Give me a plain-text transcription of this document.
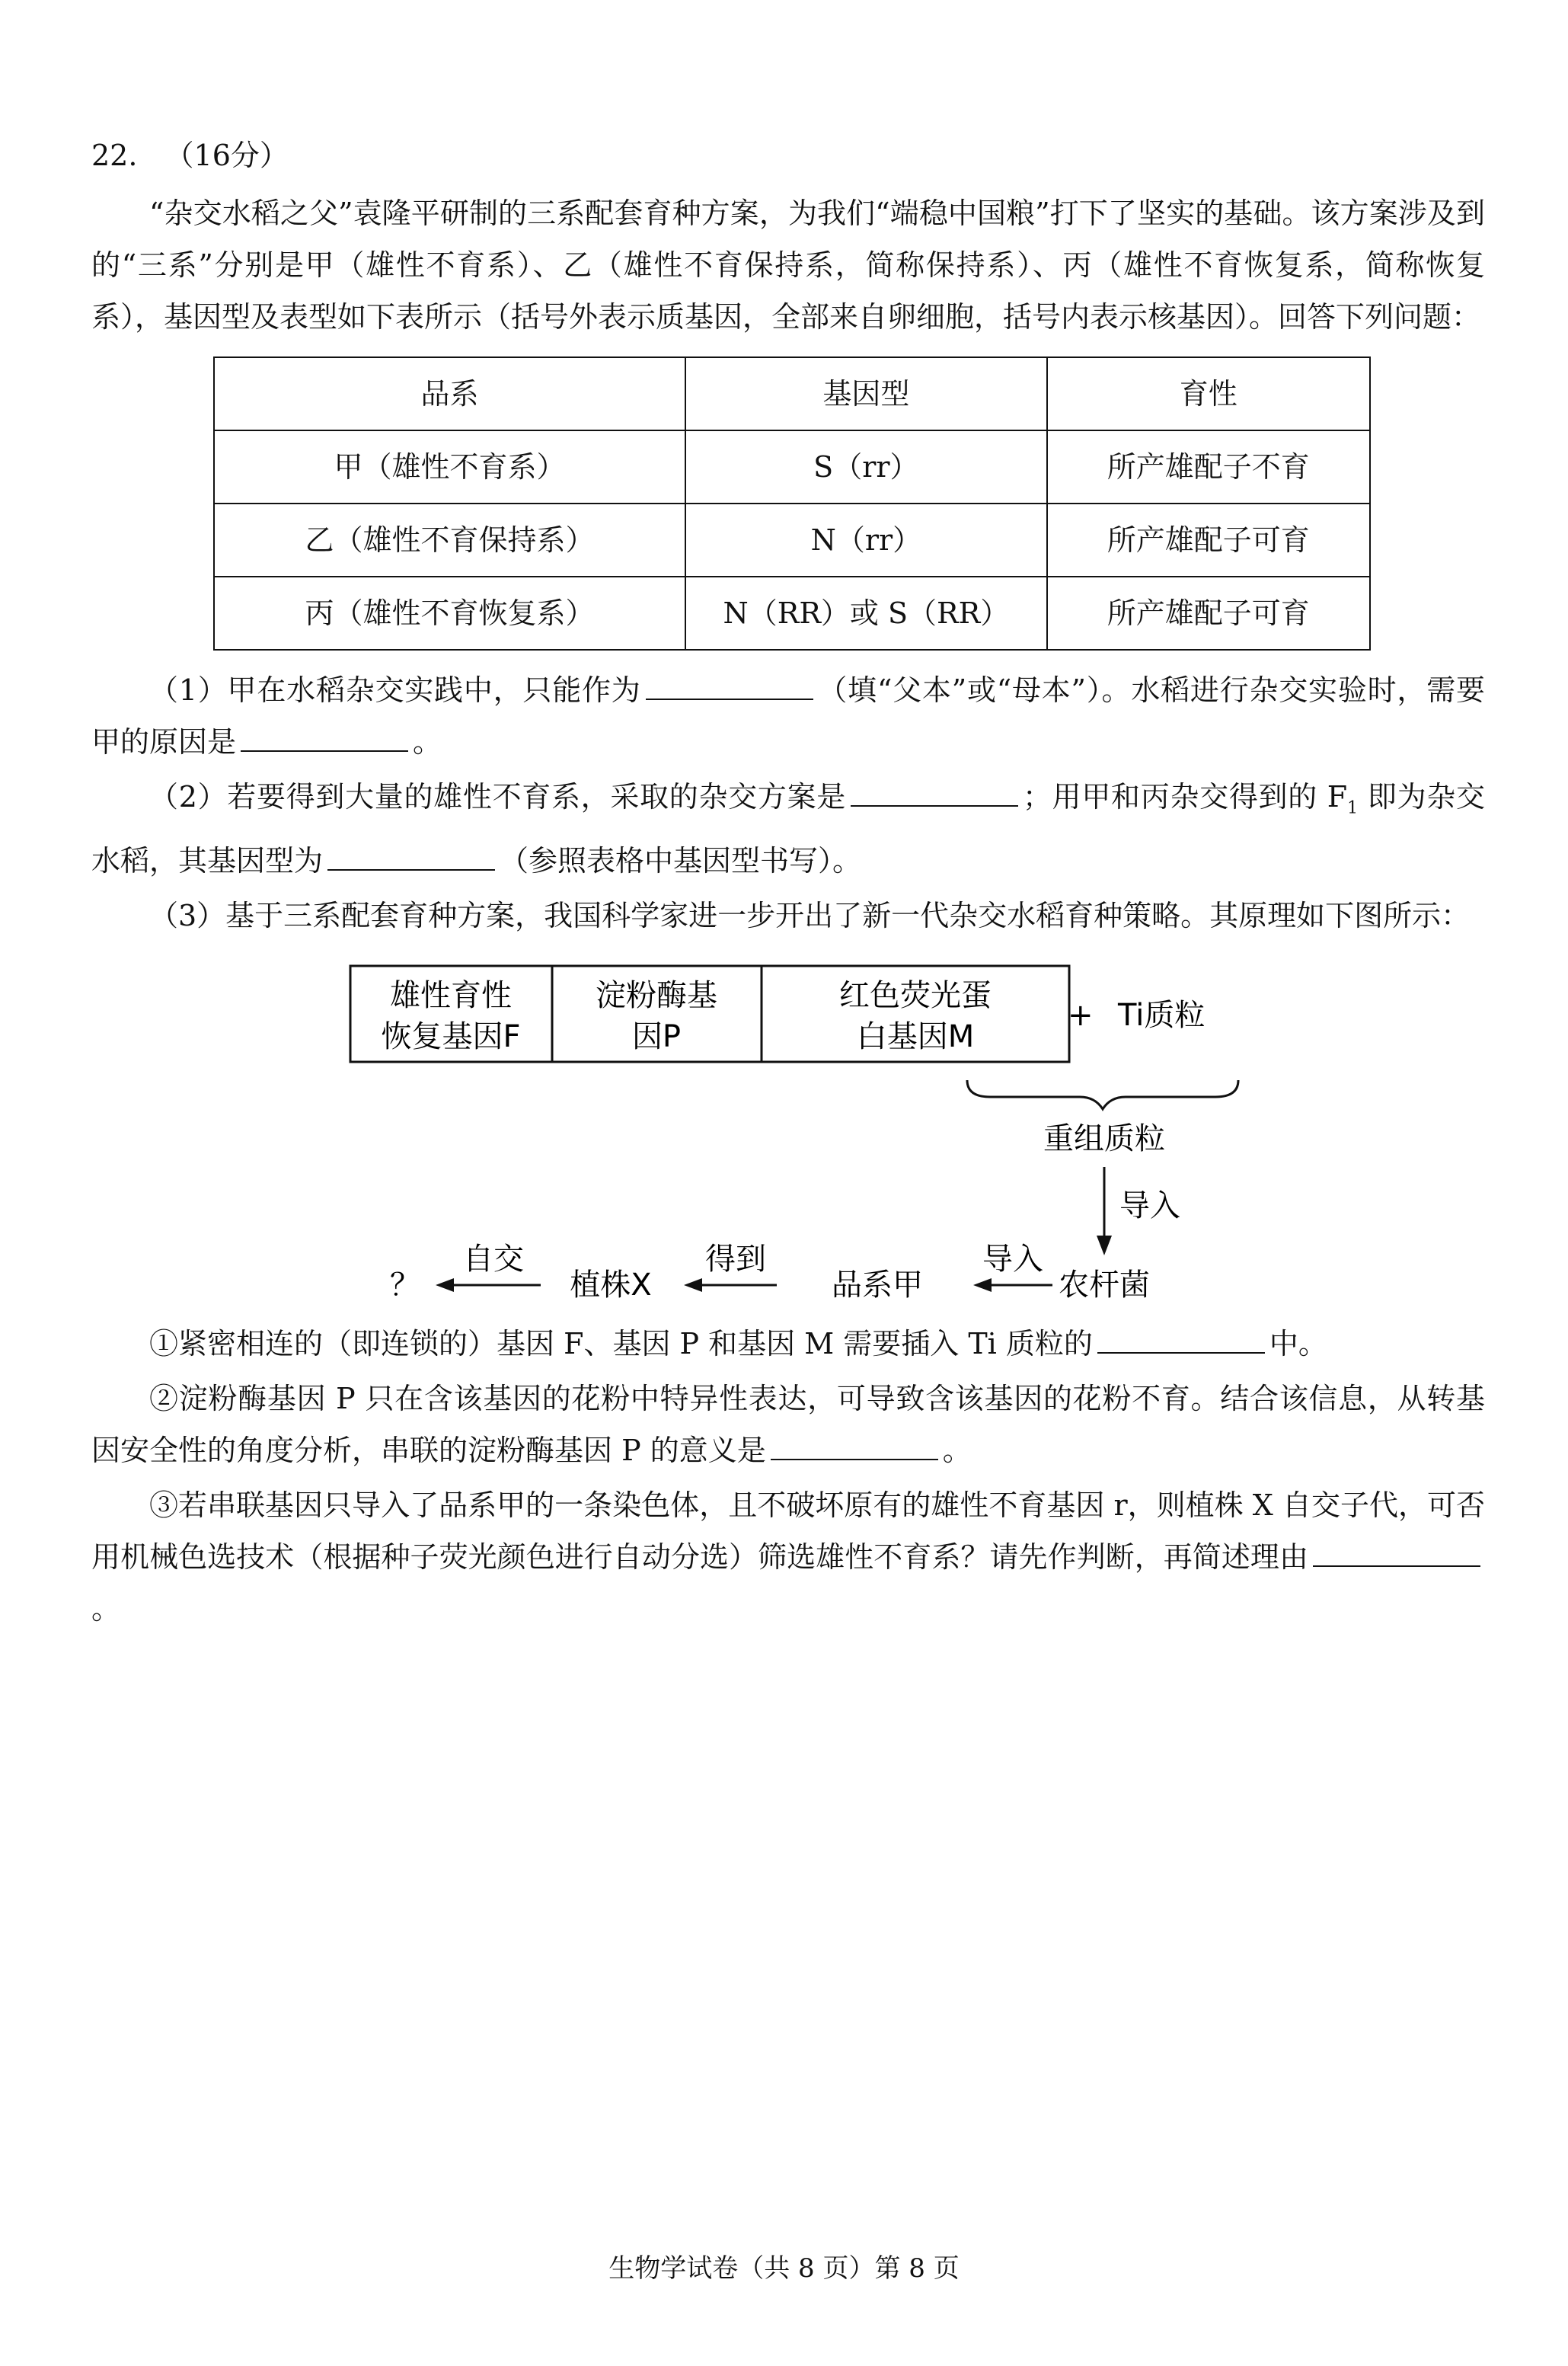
22. （16分）

“杂交水稻之父”袁隆平研制的三系配套育种方案，为我们“端稳中国粮”打下了坚实的基础。该方案涉及到的“三系”分别是甲（雄性不育系）、乙（雄性不育保持系，简称保持系）、丙（雄性不育恢复系，简称恢复系），基因型及表型如下表所示（括号外表示质基因，全部来自卵细胞，括号内表示核基因）。回答下列问题：

品系	基因型	育性
甲（雄性不育系）	S（rr）	所产雄配子不育
乙（雄性不育保持系）	N（rr）	所产雄配子可育
丙（雄性不育恢复系）	N（RR）或 S（RR）	所产雄配子可育

（1）甲在水稻杂交实践中，只能作为	（填“父本”或“母本”）。水稻进行杂交实验时，需要甲的原因是	。

（2）若要得到大量的雄性不育系，采取的杂交方案是	；用甲和丙杂交得到的 $F_1$ 即为杂交水稻，其基因型为	（参照表格中基因型书写）。

（3）基于三系配套育种方案，我国科学家进一步开出了新一代杂交水稻育种策略。其原理如下图所示：

雄性育性
恢复基因F
淀粉酶基
因P
红色荧光蛋
白基因M
+ Ti质粒
重组质粒
导入
农杆菌
导入
品系甲
得到
植株X
自交
？

①紧密相连的（即连锁的）基因 F、基因 P 和基因 M 需要插入 Ti 质粒的	中。

②淀粉酶基因 P 只在含该基因的花粉中特异性表达，可导致含该基因的花粉不育。结合该信息，从转基因安全性的角度分析，串联的淀粉酶基因 P 的意义是	。

③若串联基因只导入了品系甲的一条染色体，且不破坏原有的雄性不育基因 r，则植株 X 自交子代，可否用机械色选技术（根据种子荧光颜色进行自动分选）筛选雄性不育系？请先作判断，再简述理由。

生物学试卷（共 8 页）第 8 页
